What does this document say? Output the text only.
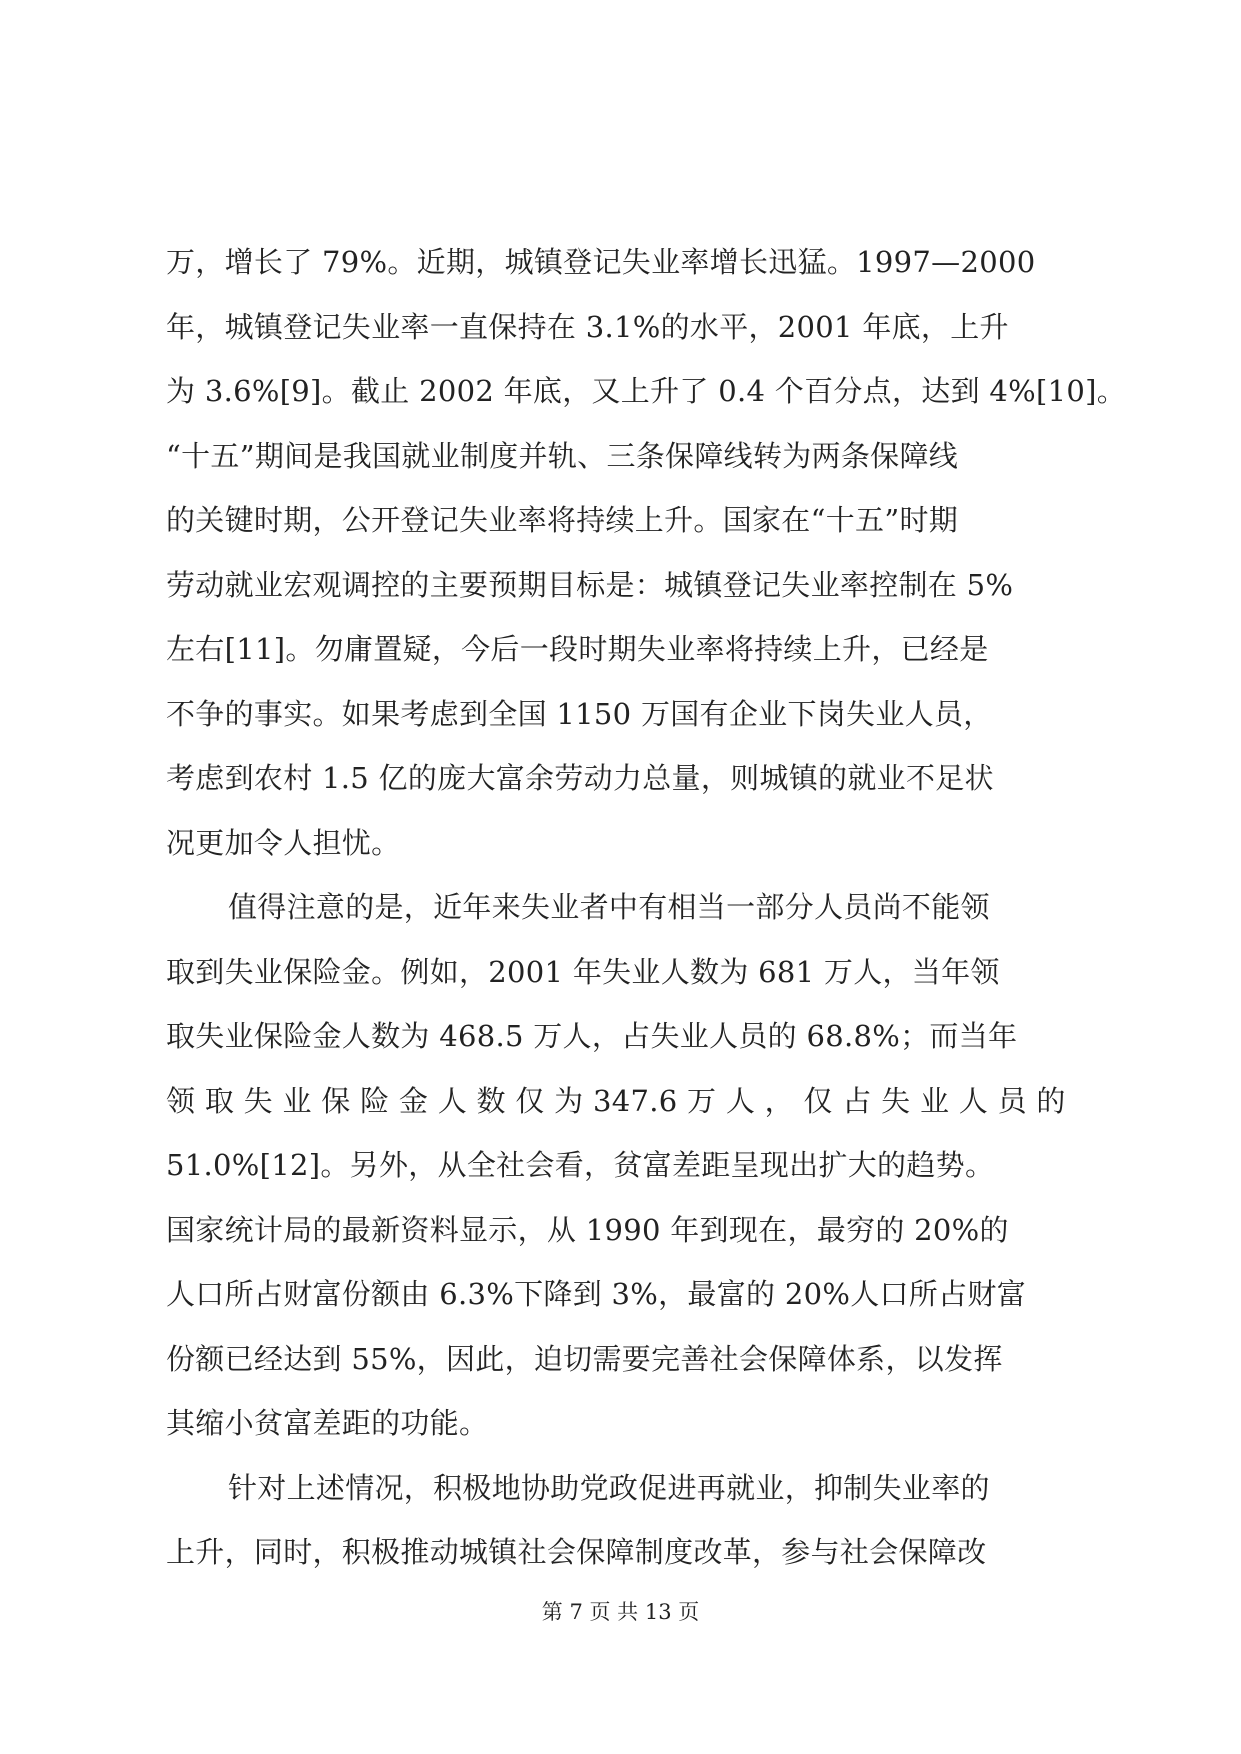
万，增长了 79%。近期，城镇登记失业率增长迅猛。1997—2000
年，城镇登记失业率一直保持在 3.1%的水平，2001 年底，上升
为 3.6%[9]。截止 2002 年底，又上升了 0.4 个百分点，达到 4%[10]。
“十五”期间是我国就业制度并轨、三条保障线转为两条保障线
的关键时期，公开登记失业率将持续上升。国家在“十五”时期
劳动就业宏观调控的主要预期目标是：城镇登记失业率控制在 5%
左右[11]。勿庸置疑，今后一段时期失业率将持续上升，已经是
不争的事实。如果考虑到全国 1150 万国有企业下岗失业人员，
考虑到农村 1.5 亿的庞大富余劳动力总量，则城镇的就业不足状
况更加令人担忧。
值得注意的是，近年来失业者中有相当一部分人员尚不能领
取到失业保险金。例如，2001 年失业人数为 681 万人，当年领
取失业保险金人数为 468.5 万人，占失业人员的 68.8%；而当年
领 取 失 业 保 险 金 人 数 仅 为 347.6 万 人 ， 仅 占 失 业 人 员 的
51.0%[12]。另外，从全社会看，贫富差距呈现出扩大的趋势。
国家统计局的最新资料显示，从 1990 年到现在，最穷的 20%的
人口所占财富份额由 6.3%下降到 3%，最富的 20%人口所占财富
份额已经达到 55%，因此，迫切需要完善社会保障体系，以发挥
其缩小贫富差距的功能。
针对上述情况，积极地协助党政促进再就业，抑制失业率的
上升，同时，积极推动城镇社会保障制度改革，参与社会保障改
第 7 页 共 13 页
